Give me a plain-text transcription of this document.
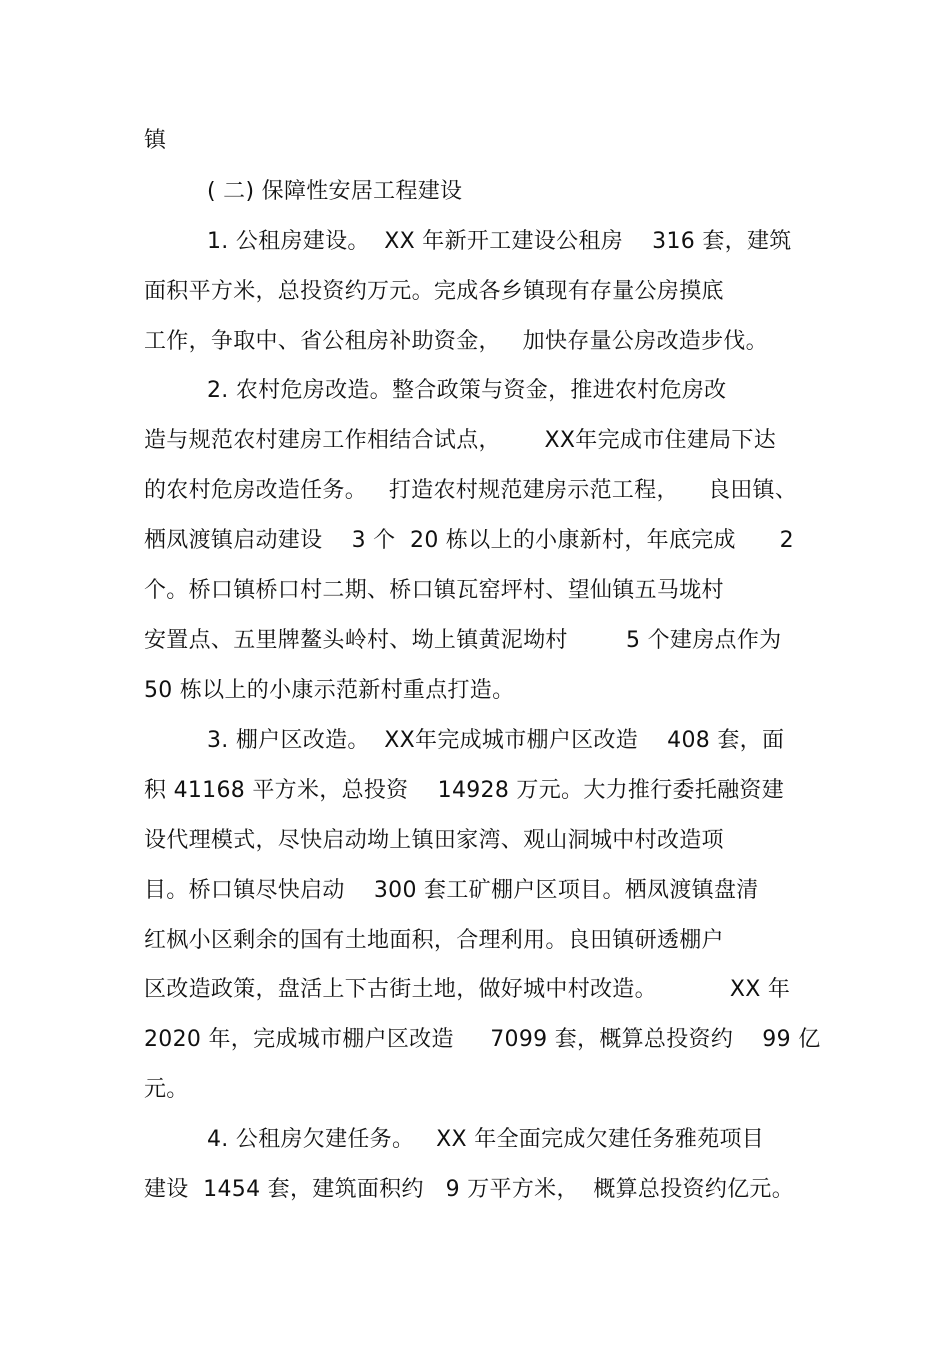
镇
( 二) 保障性安居工程建设
1. 公租房建设。  XX 年新开工建设公租房    316 套，建筑
面积平方米，总投资约万元。完成各乡镇现有存量公房摸底
工作，争取中、省公租房补助资金，   加快存量公房改造步伐。
2. 农村危房改造。整合政策与资金，推进农村危房改
造与规范农村建房工作相结合试点，      XX年完成市住建局下达
的农村危房改造任务。   打造农村规范建房示范工程，    良田镇、
栖凤渡镇启动建设    3 个  20 栋以上的小康新村，年底完成      2
个。桥口镇桥口村二期、桥口镇瓦窑坪村、望仙镇五马垅村
安置点、五里牌鳌头岭村、坳上镇黄泥坳村        5 个建房点作为
50 栋以上的小康示范新村重点打造。
3. 棚户区改造。  XX年完成城市棚户区改造    408 套，面
积 41168 平方米，总投资    14928 万元。大力推行委托融资建
设代理模式，尽快启动坳上镇田家湾、观山洞城中村改造项
目。桥口镇尽快启动    300 套工矿棚户区项目。栖凤渡镇盘清
红枫小区剩余的国有土地面积，合理利用。良田镇研透棚户
区改造政策，盘活上下古街土地，做好城中村改造。          XX 年
2020 年，完成城市棚户区改造     7099 套，概算总投资约    99 亿
元。
4. 公租房欠建任务。   XX 年全面完成欠建任务雅苑项目
建设  1454 套，建筑面积约   9 万平方米，  概算总投资约亿元。
